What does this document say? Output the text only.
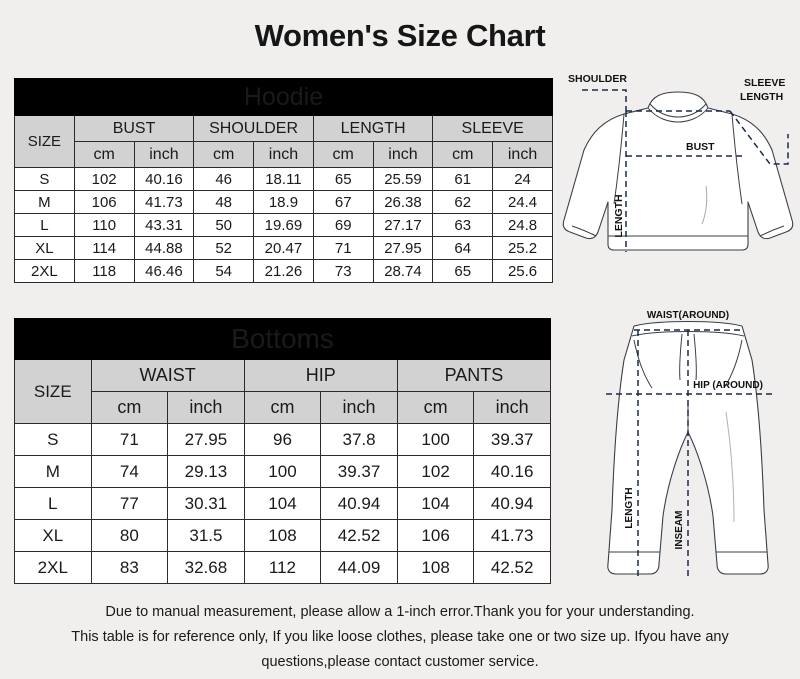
Women's Size Chart
Hoodie								
SIZE	BUST		SHOULDER		LENGTH		SLEEVE	
	cm	inch	cm	inch	cm	inch	cm	inch
S	102	40.16	46	18.11	65	25.59	61	24
M	106	41.73	48	18.9	67	26.38	62	24.4
L	110	43.31	50	19.69	69	27.17	63	24.8
XL	114	44.88	52	20.47	71	27.95	64	25.2
2XL	118	46.46	54	21.26	73	28.74	65	25.6
Bottoms						
SIZE	WAIST		HIP		PANTS	
	cm	inch	cm	inch	cm	inch
S	71	27.95	96	37.8	100	39.37
M	74	29.13	100	39.37	102	40.16
L	77	30.31	104	40.94	104	40.94
XL	80	31.5	108	42.52	106	41.73
2XL	83	32.68	112	44.09	108	42.52
SHOULDER	SLEEVE
LENGTH
BUST
LENGTH
WAIST(AROUND)
HIP (AROUND)
LENGTH
INSEAM
Due to manual measurement, please allow a 1-inch error.Thank you for your understanding.
This table is for reference only, If you like loose clothes, please take one or two size up. Ifyou have any
questions,please contact customer service.
